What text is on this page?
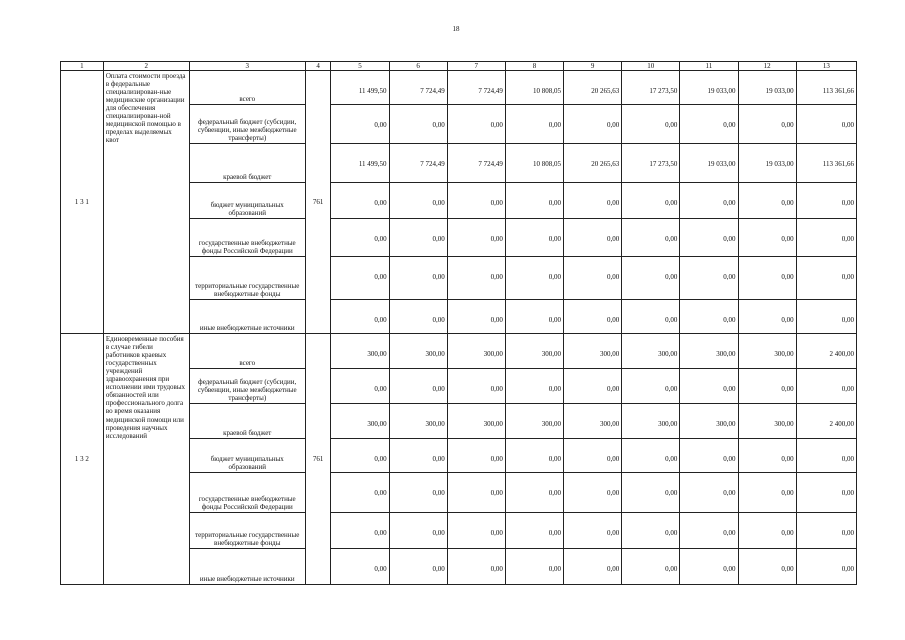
18
1	2	3	4	5	6	7	8	9	10	11	12	13
1 3 1	Оплата стоимости проезда в федеральные специализирован-ные медицинские организации для обеспечения специализирован-ной медицинской помощью в пределах выделяемых квот	всего	761	11 499,50	7 724,49	7 724,49	10 808,05	20 265,63	17 273,50	19 033,00	19 033,00	113 361,66
		федеральный бюджет (субсидии, субвенции, иные межбюджетные трансферты)		0,00	0,00	0,00	0,00	0,00	0,00	0,00	0,00	0,00
		краевой бюджет		11 499,50	7 724,49	7 724,49	10 808,05	20 265,63	17 273,50	19 033,00	19 033,00	113 361,66
		бюджет муниципальных образований		0,00	0,00	0,00	0,00	0,00	0,00	0,00	0,00	0,00
		государственные внебюджетные фонды Российской Федерации		0,00	0,00	0,00	0,00	0,00	0,00	0,00	0,00	0,00
		территориальные государственные внебюджетные фонды		0,00	0,00	0,00	0,00	0,00	0,00	0,00	0,00	0,00
		иные внебюджетные источники		0,00	0,00	0,00	0,00	0,00	0,00	0,00	0,00	0,00
1 3 2	Единовременные пособия в случае гибели работников краевых государственных учреждений здравоохранения при исполнении ими трудовых обязанностей или профессионального долга во время оказания медицинской помощи или проведения научных исследований	всего	761	300,00	300,00	300,00	300,00	300,00	300,00	300,00	300,00	2 400,00
		федеральный бюджет (субсидии, субвенции, иные межбюджетные трансферты)		0,00	0,00	0,00	0,00	0,00	0,00	0,00	0,00	0,00
		краевой бюджет		300,00	300,00	300,00	300,00	300,00	300,00	300,00	300,00	2 400,00
		бюджет муниципальных образований		0,00	0,00	0,00	0,00	0,00	0,00	0,00	0,00	0,00
		государственные внебюджетные фонды Российской Федерации		0,00	0,00	0,00	0,00	0,00	0,00	0,00	0,00	0,00
		территориальные государственные внебюджетные фонды		0,00	0,00	0,00	0,00	0,00	0,00	0,00	0,00	0,00
		иные внебюджетные источники		0,00	0,00	0,00	0,00	0,00	0,00	0,00	0,00	0,00
